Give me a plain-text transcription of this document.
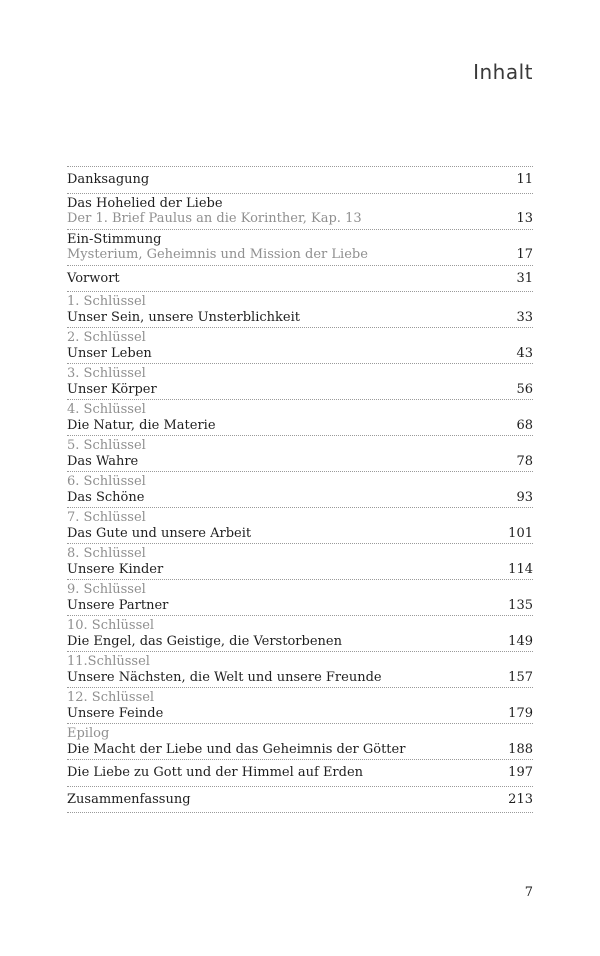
Inhalt
Danksagung	11
Das Hohelied der Liebe
Der 1. Brief Paulus an die Korinther, Kap. 13	13
Ein-Stimmung
Mysterium, Geheimnis und Mission der Liebe	17
Vorwort	31
1. Schlüssel
Unser Sein, unsere Unsterblichkeit	33
2. Schlüssel
Unser Leben	43
3. Schlüssel
Unser Körper	56
4. Schlüssel
Die Natur, die Materie	68
5. Schlüssel
Das Wahre	78
6. Schlüssel
Das Schöne	93
7. Schlüssel
Das Gute und unsere Arbeit	101
8. Schlüssel
Unsere Kinder	114
9. Schlüssel
Unsere Partner	135
10. Schlüssel
Die Engel, das Geistige, die Verstorbenen	149
11.Schlüssel
Unsere Nächsten, die Welt und unsere Freunde	157
12. Schlüssel
Unsere Feinde	179
Epilog
Die Macht der Liebe und das Geheimnis der Götter	188
Die Liebe zu Gott und der Himmel auf Erden	197
Zusammenfassung	213
7
